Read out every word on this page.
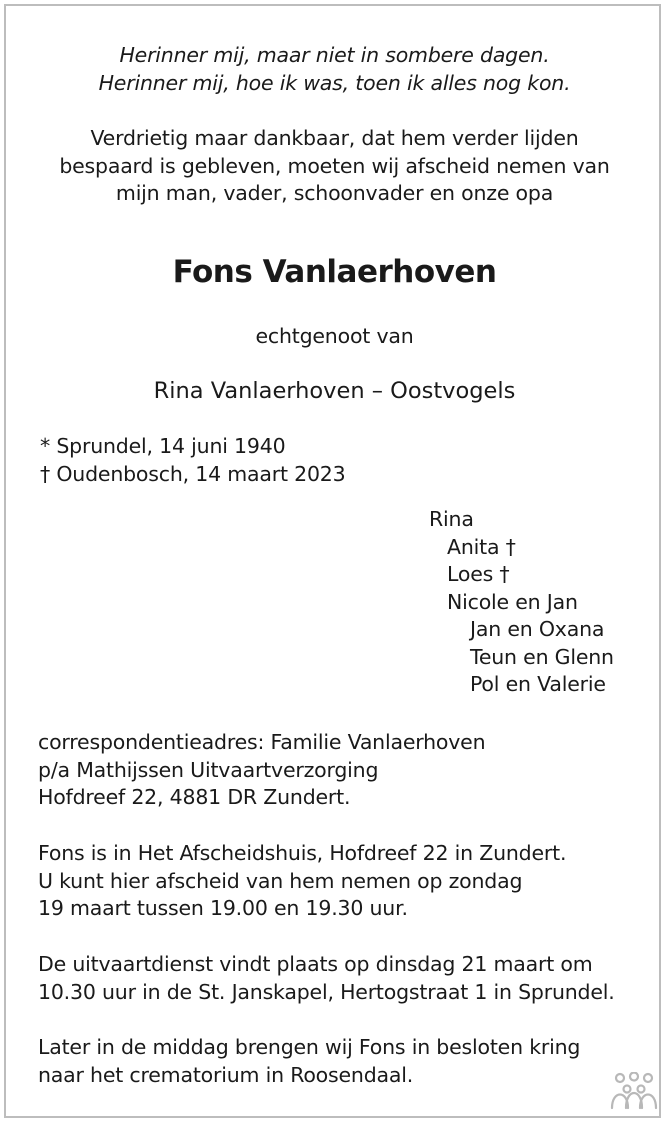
Herinner mij, maar niet in sombere dagen.
Herinner mij, hoe ik was, toen ik alles nog kon.
Verdrietig maar dankbaar, dat hem verder lijden
bespaard is gebleven, moeten wij afscheid nemen van
mijn man, vader, schoonvader en onze opa
Fons Vanlaerhoven
echtgenoot van
Rina Vanlaerhoven – Oostvogels
* Sprundel, 14 juni 1940
† Oudenbosch, 14 maart 2023
Rina
Anita †
Loes †
Nicole en Jan
Jan en Oxana
Teun en Glenn
Pol en Valerie
correspondentieadres: Familie Vanlaerhoven
p/a Mathijssen Uitvaartverzorging
Hofdreef 22, 4881 DR Zundert.
Fons is in Het Afscheidshuis, Hofdreef 22 in Zundert.
U kunt hier afscheid van hem nemen op zondag
19 maart tussen 19.00 en 19.30 uur.
De uitvaartdienst vindt plaats op dinsdag 21 maart om
10.30 uur in de St. Janskapel, Hertogstraat 1 in Sprundel.
Later in de middag brengen wij Fons in besloten kring
naar het crematorium in Roosendaal.
